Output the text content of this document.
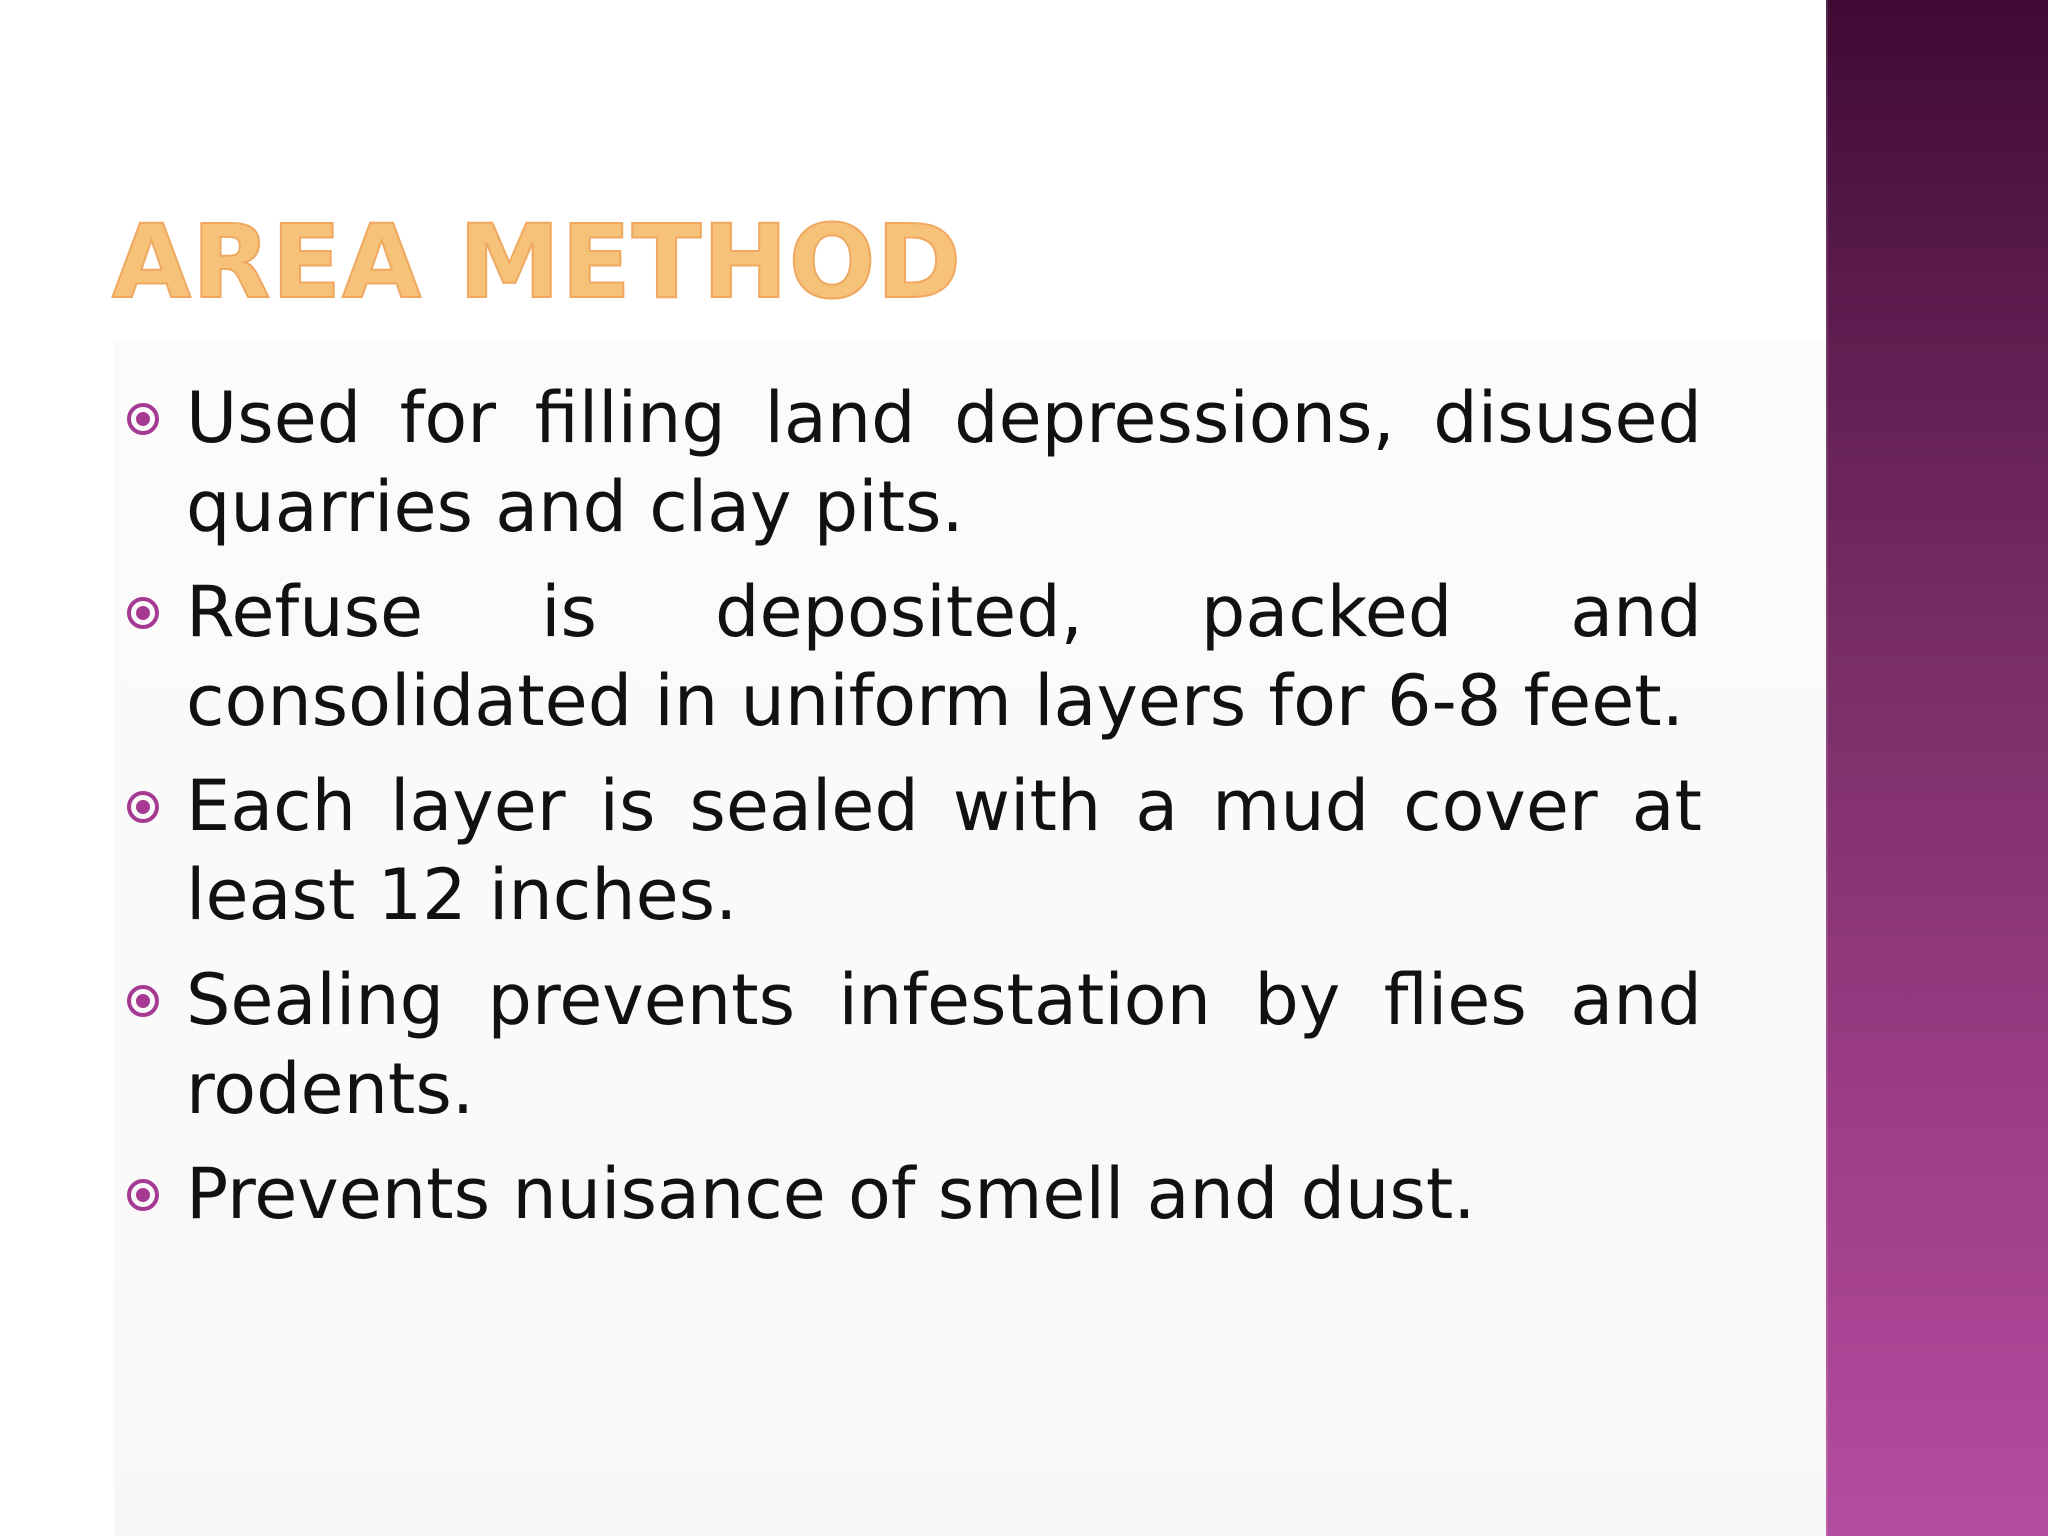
AREA METHOD
Used for filling land depressions, disused quarries and clay pits.
Refuse is deposited, packed and consolidated in uniform layers for 6-8 feet.
Each layer is sealed with a mud cover at least 12 inches.
Sealing prevents infestation by flies and rodents.
Prevents nuisance of smell and dust.
